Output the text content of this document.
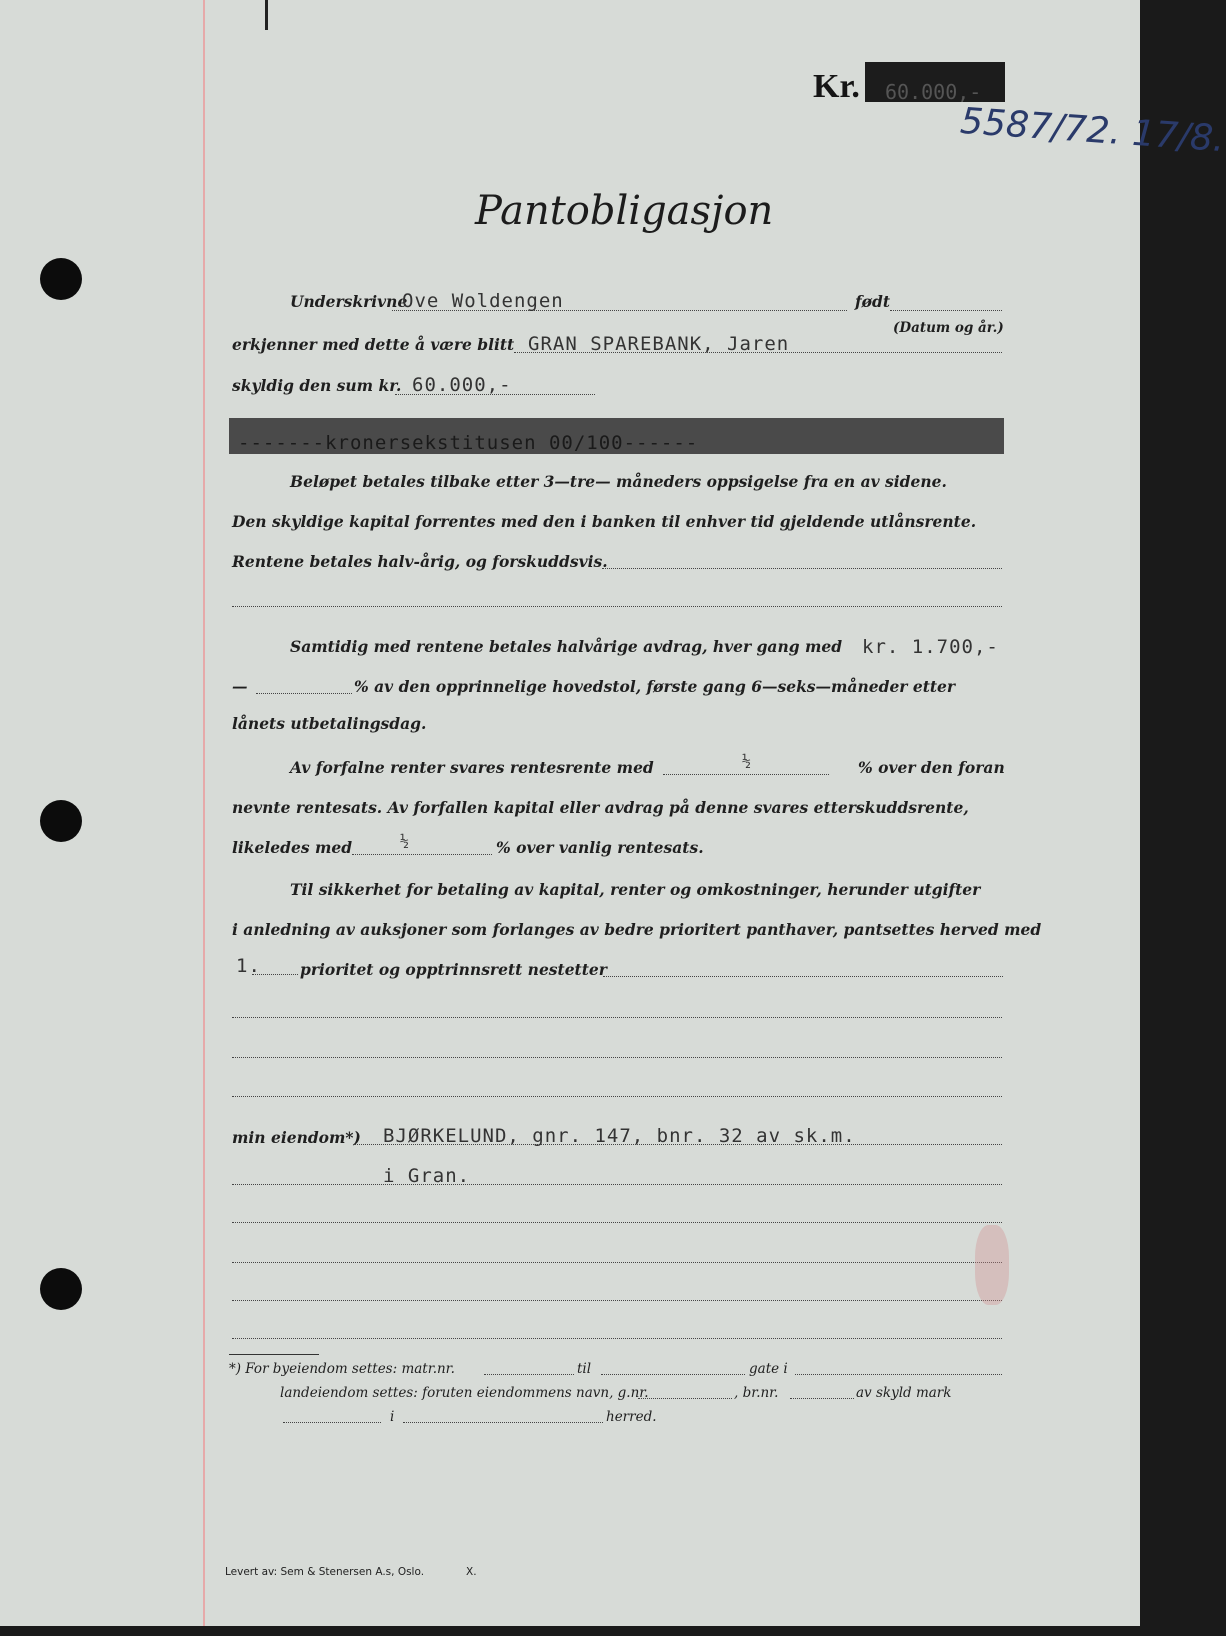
Kr. 60.000,-
5587/72. 17/8.
Pantobligasjon
Underskrivne
Ove Woldengen	født
(Datum og år.)
erkjenner med dette å være blitt GRAN SPAREBANK, Jaren
skyldig den sum kr. 60.000,-
-------kronersekstitusen 00/100------
Beløpet betales tilbake etter 3—tre— måneders oppsigelse fra en av sidene.
Den skyldige kapital forrentes med den i banken til enhver tid gjeldende utlånsrente.
Rentene betales halv-årig, og forskuddsvis.
Samtidig med rentene betales halvårige avdrag, hver gang med kr. 1.700,-
—	% av den opprinnelige hovedstol, første gang 6—seks—måneder etter
lånets utbetalingsdag.
Av forfalne renter svares rentesrente med	½	% over den foran
nevnte rentesats. Av forfallen kapital eller avdrag på denne svares etterskuddsrente,
likeledes med	½	% over vanlig rentesats.
Til sikkerhet for betaling av kapital, renter og omkostninger, herunder utgifter
i anledning av auksjoner som forlanges av bedre prioritert panthaver, pantsettes herved med
1.	prioritet og opptrinnsrett nestetter
min eiendom*) BJØRKELUND, gnr. 147, bnr. 32 av sk.m.
i Gran.
*) For byeiendom settes: matr.nr.	til	gate i
landeiendom settes: foruten eiendommens navn, g.nr.	, br.nr.	av skyld mark
i	herred.
Levert av: Sem & Stenersen A.s, Oslo.	X.
